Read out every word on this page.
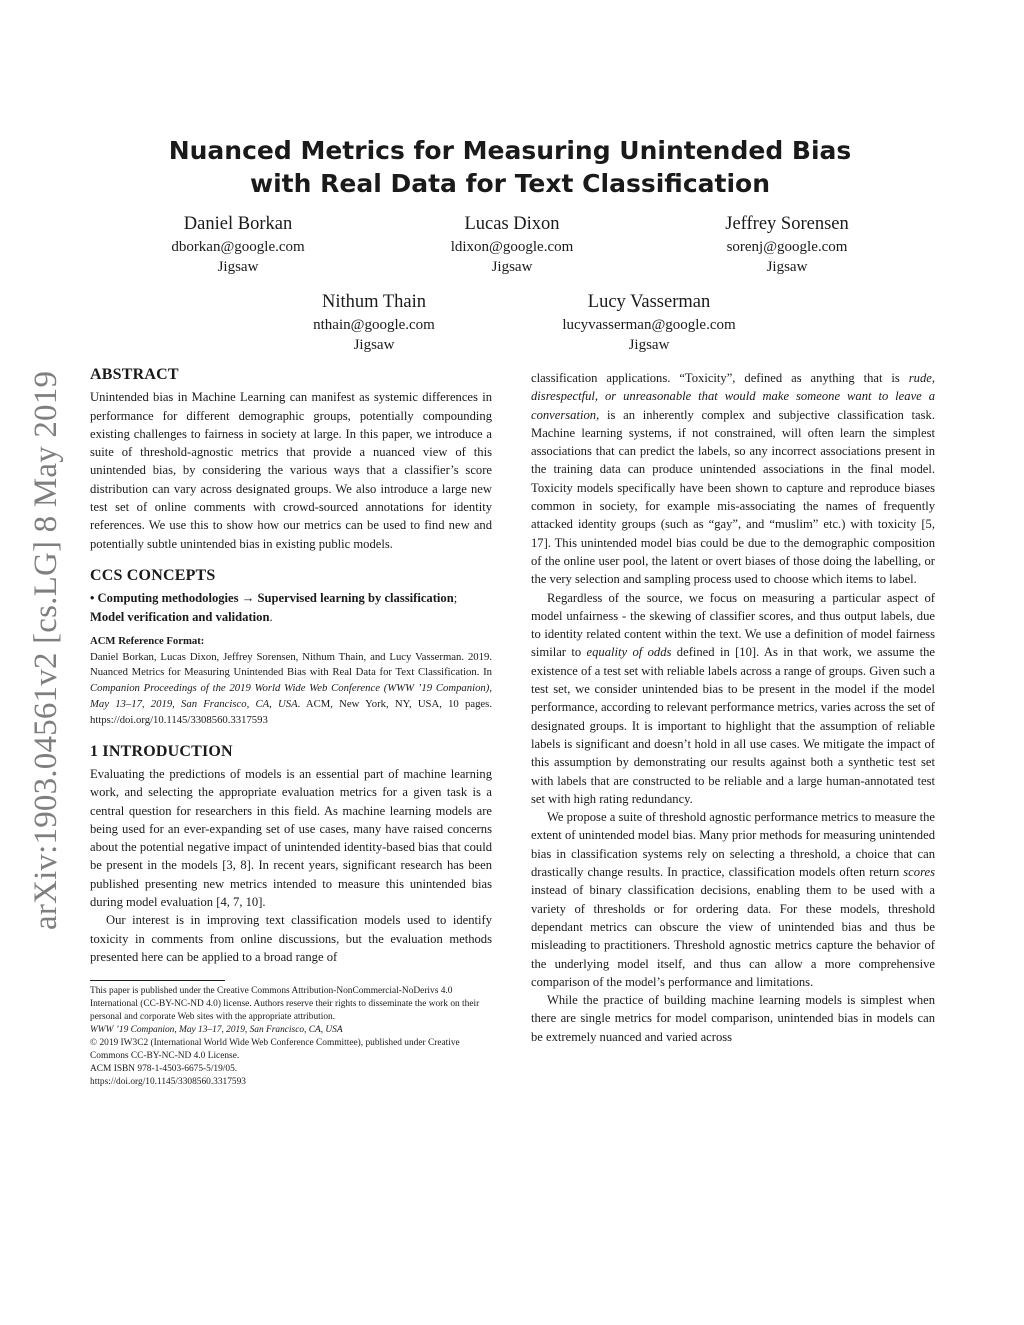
arXiv:1903.04561v2 [cs.LG] 8 May 2019
Nuanced Metrics for Measuring Unintended Bias
with Real Data for Text Classification
Daniel Borkan
dborkan@google.com
Jigsaw
Lucas Dixon
ldixon@google.com
Jigsaw
Jeffrey Sorensen
sorenj@google.com
Jigsaw
Nithum Thain
nthain@google.com
Jigsaw
Lucy Vasserman
lucyvasserman@google.com
Jigsaw
ABSTRACT

Unintended bias in Machine Learning can manifest as systemic differences in performance for different demographic groups, potentially compounding existing challenges to fairness in society at large. In this paper, we introduce a suite of threshold-agnostic metrics that provide a nuanced view of this unintended bias, by considering the various ways that a classifier’s score distribution can vary across designated groups. We also introduce a large new test set of online comments with crowd-sourced annotations for identity references. We use this to show how our metrics can be used to find new and potentially subtle unintended bias in existing public models.

CCS CONCEPTS

• Computing methodologies → Supervised learning by classification; Model verification and validation.

ACM Reference Format:

Daniel Borkan, Lucas Dixon, Jeffrey Sorensen, Nithum Thain, and Lucy Vasserman. 2019. Nuanced Metrics for Measuring Unintended Bias with Real Data for Text Classification. In Companion Proceedings of the 2019 World Wide Web Conference (WWW ’19 Companion), May 13–17, 2019, San Francisco, CA, USA. ACM, New York, NY, USA, 10 pages. https://doi.org/10.1145/3308560.3317593

1 INTRODUCTION

Evaluating the predictions of models is an essential part of machine learning work, and selecting the appropriate evaluation metrics for a given task is a central question for researchers in this field. As machine learning models are being used for an ever-expanding set of use cases, many have raised concerns about the potential negative impact of unintended identity-based bias that could be present in the models [3, 8]. In recent years, significant research has been published presenting new metrics intended to measure this unintended bias during model evaluation [4, 7, 10].

Our interest is in improving text classification models used to identify toxicity in comments from online discussions, but the evaluation methods presented here can be applied to a broad range of

This paper is published under the Creative Commons Attribution-NonCommercial-NoDerivs 4.0 International (CC-BY-NC-ND 4.0) license. Authors reserve their rights to disseminate the work on their personal and corporate Web sites with the appropriate attribution.
WWW ’19 Companion, May 13–17, 2019, San Francisco, CA, USA
© 2019 IW3C2 (International World Wide Web Conference Committee), published under Creative Commons CC-BY-NC-ND 4.0 License.
ACM ISBN 978-1-4503-6675-5/19/05.
https://doi.org/10.1145/3308560.3317593

classification applications. “Toxicity”, defined as anything that is rude, disrespectful, or unreasonable that would make someone want to leave a conversation, is an inherently complex and subjective classification task. Machine learning systems, if not constrained, will often learn the simplest associations that can predict the labels, so any incorrect associations present in the training data can produce unintended associations in the final model. Toxicity models specifically have been shown to capture and reproduce biases common in society, for example mis-associating the names of frequently attacked identity groups (such as “gay”, and “muslim” etc.) with toxicity [5, 17]. This unintended model bias could be due to the demographic composition of the online user pool, the latent or overt biases of those doing the labelling, or the very selection and sampling process used to choose which items to label.

Regardless of the source, we focus on measuring a particular aspect of model unfairness - the skewing of classifier scores, and thus output labels, due to identity related content within the text. We use a definition of model fairness similar to equality of odds defined in [10]. As in that work, we assume the existence of a test set with reliable labels across a range of groups. Given such a test set, we consider unintended bias to be present in the model if the model performance, according to relevant performance metrics, varies across the set of designated groups. It is important to highlight that the assumption of reliable labels is significant and doesn’t hold in all use cases. We mitigate the impact of this assumption by demonstrating our results against both a synthetic test set with labels that are constructed to be reliable and a large human-annotated test set with high rating redundancy.

We propose a suite of threshold agnostic performance metrics to measure the extent of unintended model bias. Many prior methods for measuring unintended bias in classification systems rely on selecting a threshold, a choice that can drastically change results. In practice, classification models often return scores instead of binary classification decisions, enabling them to be used with a variety of thresholds or for ordering data. For these models, threshold dependant metrics can obscure the view of unintended bias and thus be misleading to practitioners. Threshold agnostic metrics capture the behavior of the underlying model itself, and thus can allow a more comprehensive comparison of the model’s performance and limitations.

While the practice of building machine learning models is simplest when there are single metrics for model comparison, unintended bias in models can be extremely nuanced and varied across
